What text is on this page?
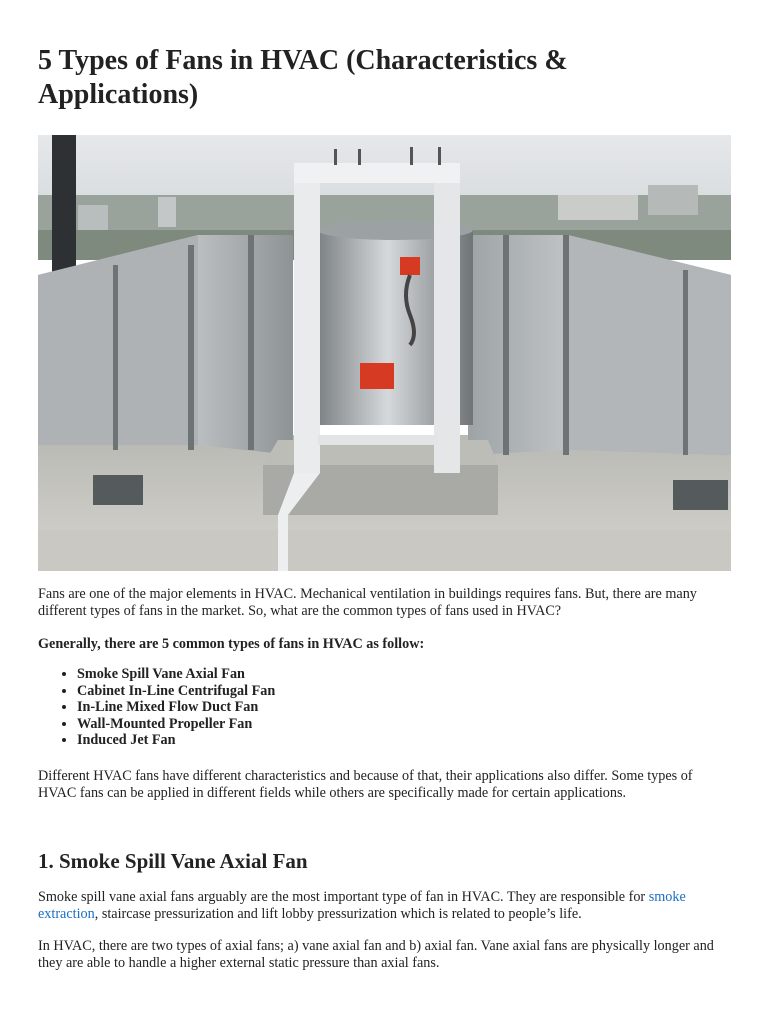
5 Types of Fans in HVAC (Characteristics & Applications)

Fans are one of the major elements in HVAC. Mechanical ventilation in buildings requires fans. But, there are many different types of fans in the market. So, what are the common types of fans used in HVAC?

Generally, there are 5 common types of fans in HVAC as follow:

• Smoke Spill Vane Axial Fan
• Cabinet In-Line Centrifugal Fan
• In-Line Mixed Flow Duct Fan
• Wall-Mounted Propeller Fan
• Induced Jet Fan

Different HVAC fans have different characteristics and because of that, their applications also differ. Some types of HVAC fans can be applied in different fields while others are specifically made for certain applications.

1. Smoke Spill Vane Axial Fan

Smoke spill vane axial fans arguably are the most important type of fan in HVAC. They are responsible for smoke extraction, staircase pressurization and lift lobby pressurization which is related to people’s life.

In HVAC, there are two types of axial fans; a) vane axial fan and b) axial fan. Vane axial fans are physically longer and they are able to handle a higher external static pressure than axial fans.
